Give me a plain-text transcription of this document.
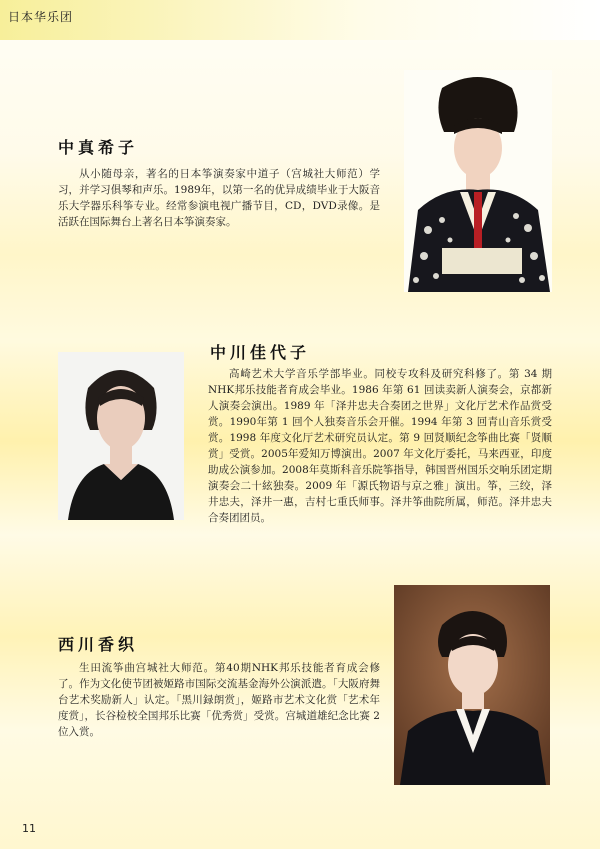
日本华乐团
中真希子

从小随母亲，著名的日本筝演奏家中道子（宫城社大师范）学习，并学习俱琴和声乐。1989年，以第一名的优异成绩毕业于大阪音乐大学器乐科筝专业。经常参演电视广播节目，CD，DVD录像。是活跃在国际舞台上著名日本筝演奏家。

中川佳代子

高崎艺术大学音乐学部毕业。同校专攻科及研究科修了。第 34 期 NHK邦乐技能者育成会毕业。1986 年第 61 回读卖新人演奏会，京都新人演奏会演出。1989 年「泽井忠夫合奏团之世界」文化厅艺术作品赏受赏。1990年第 1 回个人独奏音乐会开催。1994 年第 3 回青山音乐赏受赏。1998 年度文化厅艺术研究员认定。第 9 回贤顺纪念筝曲比赛「贤顺赏」受赏。2005年爱知万博演出。2007 年文化厅委托，马来西亚，印度助成公演参加。2008年莫斯科音乐院筝指导，韩国晋州国乐交响乐团定期演奏会二十絃独奏。2009 年「源氏物语与京之雅」演出。筝，三绞，泽井忠夫，泽井一惠，吉村七重氏师事。泽井筝曲院所属，师范。泽井忠夫合奏团团员。

西川香织

生田流筝曲宫城社大师范。第40期NHK邦乐技能者育成会修了。作为文化使节团被姬路市国际交流基金海外公演派遣。「大阪府舞台艺术奖励新人」认定。「黑川録朗赏」，姬路市艺术文化赏「艺术年度赏」，长谷检校全国邦乐比赛「优秀赏」受赏。宫城道雄纪念比赛 2 位入赏。

11
